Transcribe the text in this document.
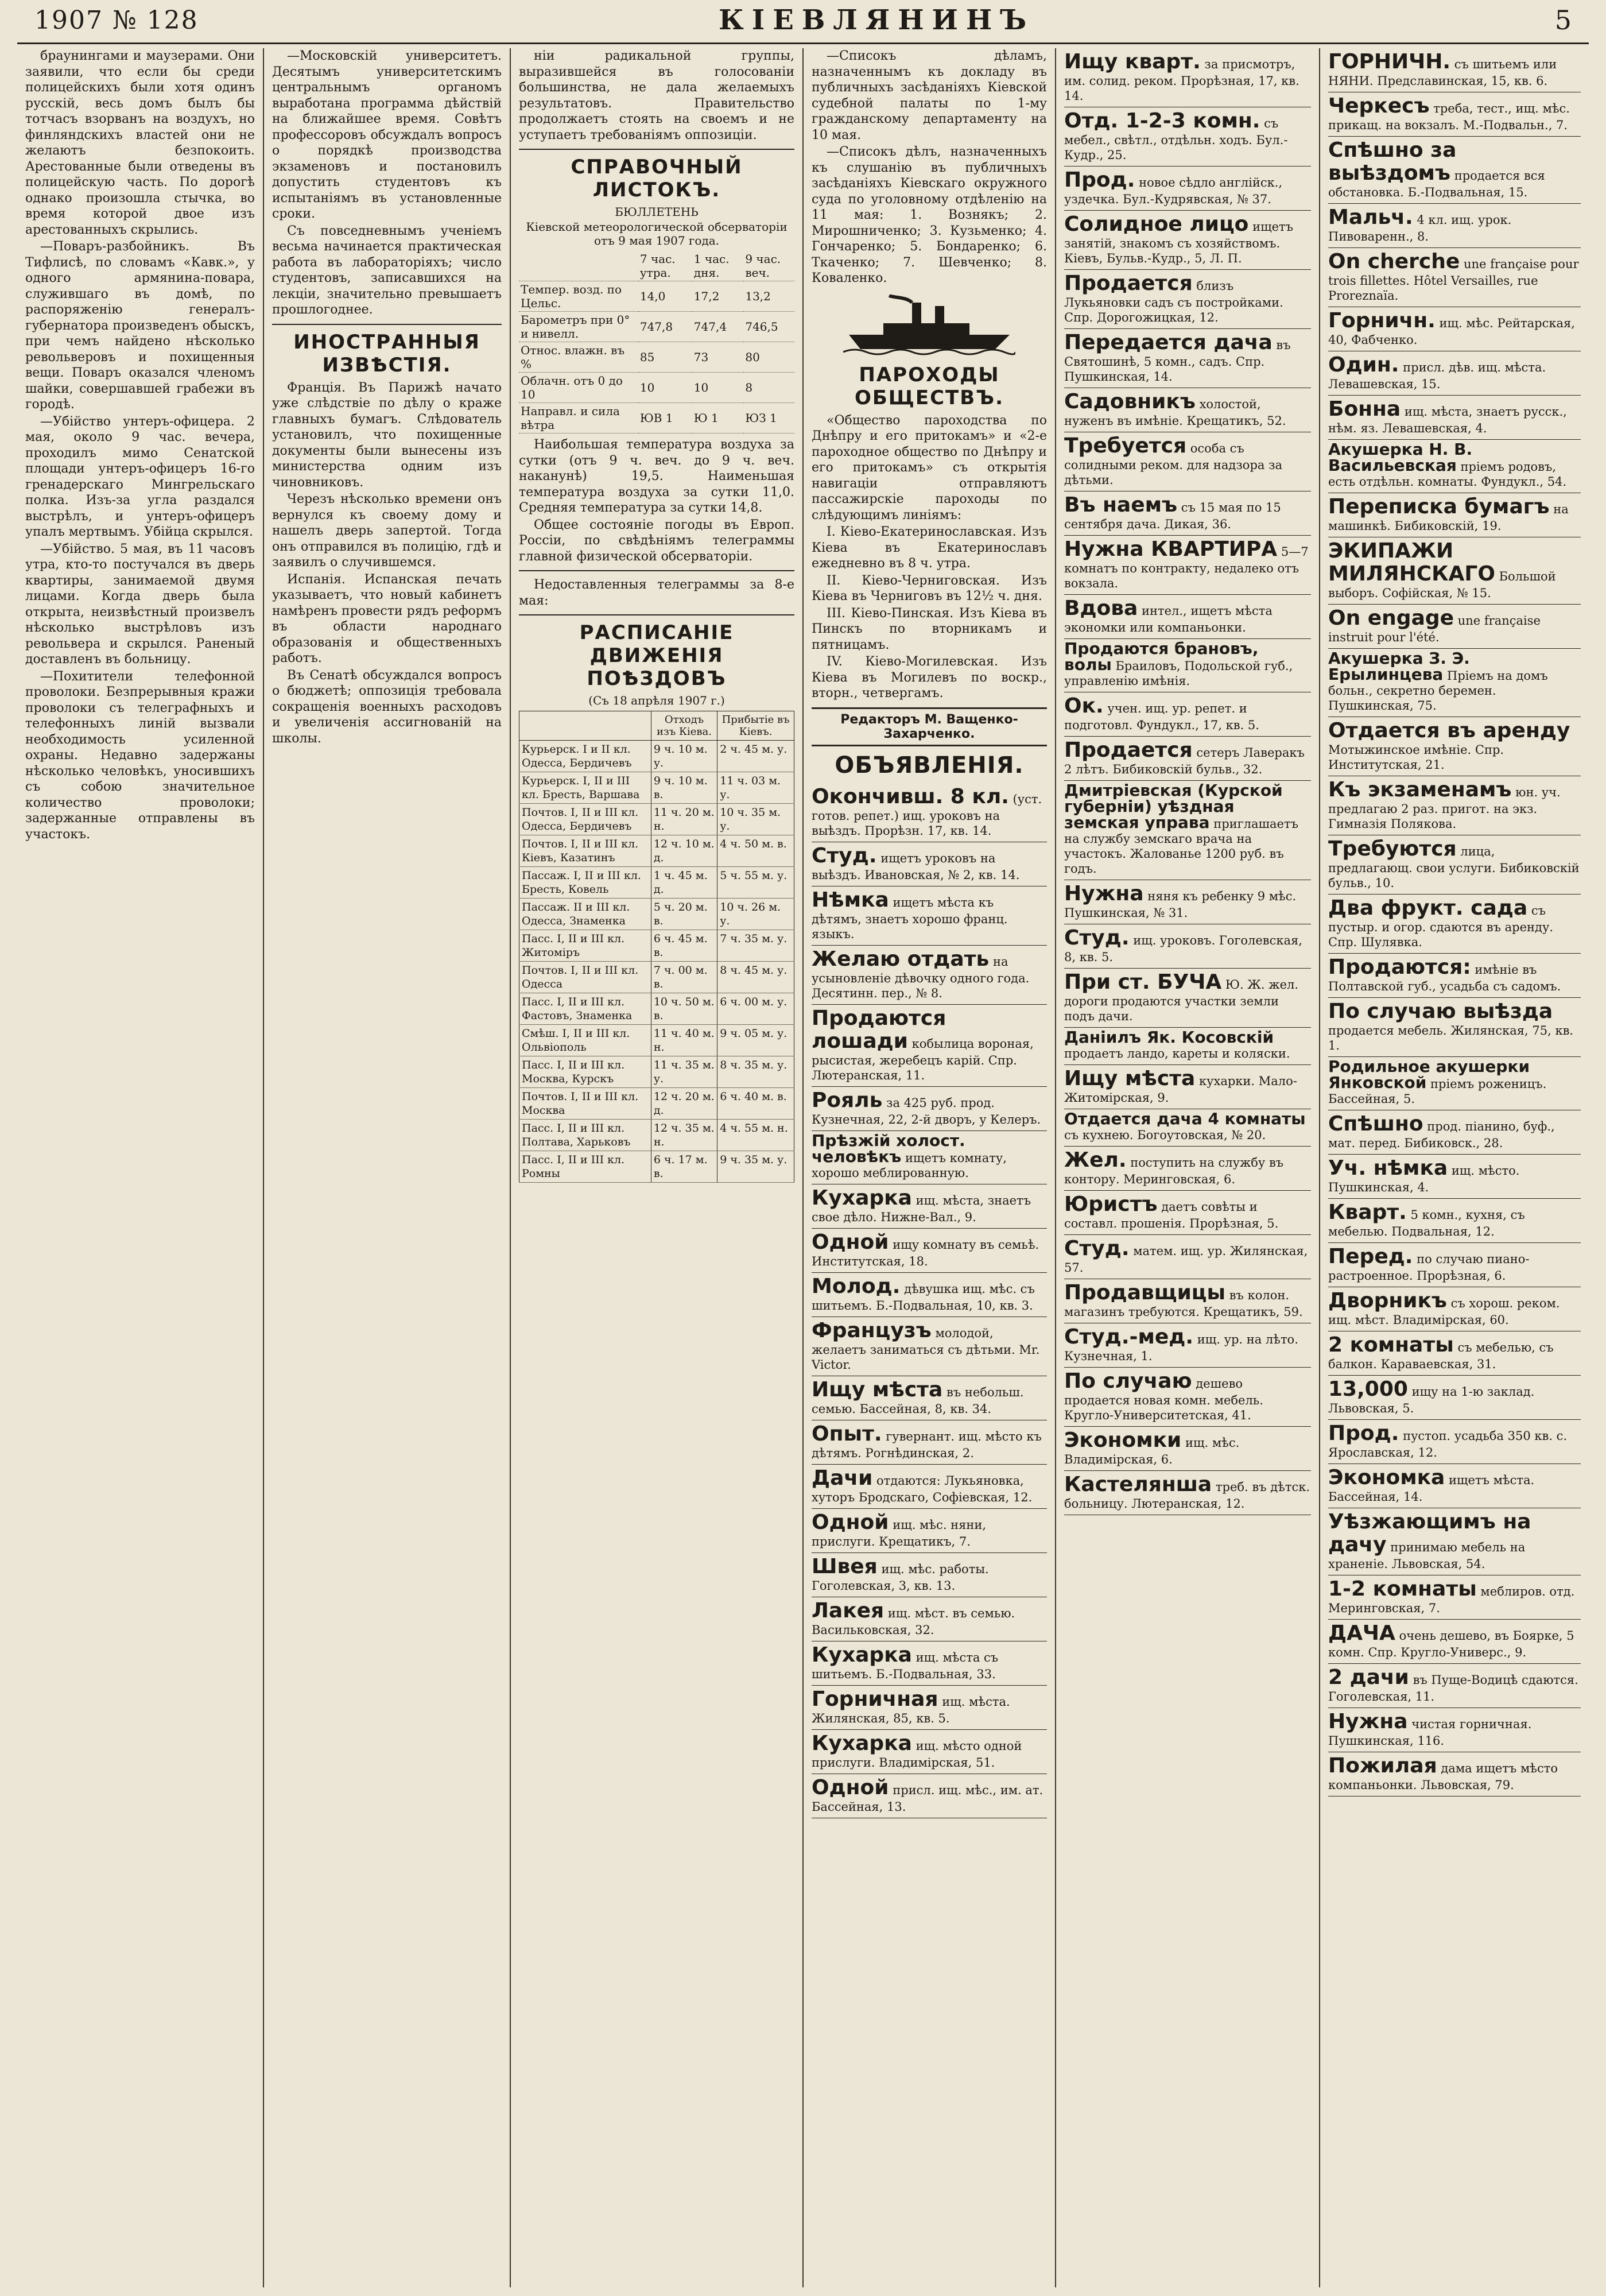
1907 № 128	КІЕВЛЯНИНЪ	5

браунингами и маузерами. Они заявили, что если бы среди полицейскихъ были хотя одинъ русскій, весь домъ былъ бы тотчасъ взорванъ на воздухъ, но финляндскихъ властей они не желаютъ безпокоить. Арестованные были отведены въ полицейскую часть. По дорогѣ однако произошла стычка, во время которой двое изъ арестованныхъ скрылись.

—Поваръ-разбойникъ. Въ Тифлисѣ, по словамъ «Кавк.», у одного армянина-повара, служившаго въ домѣ, по распоряженію генералъ-губернатора произведенъ обыскъ, при чемъ найдено нѣсколько револьверовъ и похищенныя вещи. Поваръ оказался членомъ шайки, совершавшей грабежи въ городѣ.

—Убійство унтеръ-офицера. 2 мая, около 9 час. вечера, проходилъ мимо Сенатской площади унтеръ-офицеръ 16-го гренадерскаго Мингрельскаго полка. Изъ-за угла раздался выстрѣлъ, и унтеръ-офицеръ упалъ мертвымъ. Убійца скрылся.

—Убійство. 5 мая, въ 11 часовъ утра, кто-то постучался въ дверь квартиры, занимаемой двумя лицами. Когда дверь была открыта, неизвѣстный произвелъ нѣсколько выстрѣловъ изъ револьвера и скрылся. Раненый доставленъ въ больницу.

—Похитители телефонной проволоки. Безпрерывныя кражи проволоки съ телеграфныхъ и телефонныхъ линій вызвали необходимость усиленной охраны. Недавно задержаны нѣсколько человѣкъ, уносившихъ съ собою значительное количество проволоки; задержанные отправлены въ участокъ.

—Московскій университетъ. Десятымъ университетскимъ центральнымъ органомъ выработана программа дѣйствій на ближайшее время. Совѣтъ профессоровъ обсуждалъ вопросъ о порядкѣ производства экзаменовъ и постановилъ допустить студентовъ къ испытаніямъ въ установленные сроки.

Съ повседневнымъ ученіемъ весьма начинается практическая работа въ лабораторіяхъ; число студентовъ, записавшихся на лекціи, значительно превышаетъ прошлогоднее.

ИНОСТРАННЫЯ ИЗВѢСТІЯ.

Франція. Въ Парижѣ начато уже слѣдствіе по дѣлу о краже главныхъ бумагъ. Слѣдователь установилъ, что похищенные документы были вынесены изъ министерства одним изъ чиновниковъ.

Черезъ нѣсколько времени онъ вернулся къ своему дому и нашелъ дверь запертой. Тогда онъ отправился въ полицію, гдѣ и заявилъ о случившемся.

Испанія. Испанская печать указываетъ, что новый кабинетъ намѣренъ провести рядъ реформъ въ области народнаго образованія и общественныхъ работъ.

Въ Сенатѣ обсуждался вопросъ о бюджетѣ; оппозиція требовала сокращенія военныхъ расходовъ и увеличенія ассигнованій на школы.

ніи радикальной группы, выразившейся въ голосованіи большинства, не дала желаемыхъ результатовъ. Правительство продолжаетъ стоять на своемъ и не уступаетъ требованіямъ оппозиціи.

СПРАВОЧНЫЙ ЛИСТОКЪ.
БЮЛЛЕТЕНЬ
Кіевской метеорологической обсерваторіи отъ 9 мая 1907 года.
	7 час. утра.	1 час. дня.	9 час. веч.
Темпер. возд. по Цельс.	14,0	17,2	13,2
Барометръ при 0° и нивелл.	747,8	747,4	746,5
Относ. влажн. въ %	85	73	80
Облачн. отъ 0 до 10	10	10	8
Направл. и сила вѣтра	ЮВ 1	Ю 1	ЮЗ 1

Наибольшая температура воздуха за сутки (отъ 9 ч. веч. до 9 ч. веч. наканунѣ) 19,5. Наименьшая температура воздуха за сутки 11,0. Средняя температура за сутки 14,8.

Общее состояніе погоды въ Европ. Россіи, по свѣдѣніямъ телеграммы главной физической обсерваторіи.

Недоставленныя телеграммы за 8-е мая:

РАСПИСАНІЕ ДВИЖЕНІЯ ПОѢЗДОВЪ
(Съ 18 апрѣля 1907 г.)
	Отходъ изъ Кіева.	Прибытіе въ Кіевъ.
Курьерск. I и II кл. Одесса, Бердичевъ	9 ч. 10 м. у.	2 ч. 45 м. у.
Курьерск. I, II и III кл. Бресть, Варшава	9 ч. 10 м. в.	11 ч. 03 м. у.
Почтов. I, II и III кл. Одесса, Бердичевъ	11 ч. 20 м. н.	10 ч. 35 м. у.
Почтов. I, II и III кл. Кіевъ, Казатинъ	12 ч. 10 м. д.	4 ч. 50 м. в.
Пассаж. I, II и III кл. Бресть, Ковель	1 ч. 45 м. д.	5 ч. 55 м. у.
Пассаж. II и III кл. Одесса, Знаменка	5 ч. 20 м. в.	10 ч. 26 м. у.
Пасс. I, II и III кл. Житоміръ	6 ч. 45 м. в.	7 ч. 35 м. у.
Почтов. I, II и III кл. Одесса	7 ч. 00 м. в.	8 ч. 45 м. у.
Пасс. I, II и III кл. Фастовъ, Знаменка	10 ч. 50 м. в.	6 ч. 00 м. у.
Смѣш. I, II и III кл. Ольвіополь	11 ч. 40 м. н.	9 ч. 05 м. у.
Пасс. I, II и III кл. Москва, Курскъ	11 ч. 35 м. у.	8 ч. 35 м. у.
Почтов. I, II и III кл. Москва	12 ч. 20 м. д.	6 ч. 40 м. в.
Пасс. I, II и III кл. Полтава, Харьковъ	12 ч. 35 м. н.	4 ч. 55 м. н.
Пасс. I, II и III кл. Ромны	6 ч. 17 м. в.	9 ч. 35 м. у.

—Списокъ дѣламъ, назначеннымъ къ докладу въ публичныхъ засѣданіяхъ Кіевской судебной палаты по 1-му гражданскому департаменту на 10 мая.

—Списокъ дѣлъ, назначенныхъ къ слушанію въ публичныхъ засѣданіяхъ Кіевскаго окружного суда по уголовному отдѣленію на 11 мая: 1. Вознякъ; 2. Мирошниченко; 3. Кузьменко; 4. Гончаренко; 5. Бондаренко; 6. Ткаченко; 7. Шевченко; 8. Коваленко.

ПАРОХОДЫ ОБЩЕСТВЪ.

«Общество пароходства по Днѣпру и его притокамъ» и «2-е пароходное общество по Днѣпру и его притокамъ» съ открытія навигаціи отправляютъ пассажирскіе пароходы по слѣдующимъ линіямъ:

I. Кіево-Екатеринославская. Изъ Кіева въ Екатеринославъ ежедневно въ 8 ч. утра.

II. Кіево-Черниговская. Изъ Кіева въ Черниговъ въ 12½ ч. дня.

III. Кіево-Пинская. Изъ Кіева въ Пинскъ по вторникамъ и пятницамъ.

IV. Кіево-Могилевская. Изъ Кіева въ Могилевъ по воскр., вторн., четвергамъ.

Редакторъ М. Ващенко-Захарченко.
ОБЪЯВЛЕНІЯ.
Окончивш. 8 кл. (уст. готов. репет.) ищ. уроковъ на выѣздъ. Прорѣзн. 17, кв. 14.
Студ. ищетъ уроковъ на выѣздъ. Ивановская, № 2, кв. 14.
Нѣмка ищетъ мѣста къ дѣтямъ, знаетъ хорошо франц. языкъ.
Желаю отдать на усыновленіе дѣвочку одного года. Десятинн. пер., № 8.
Продаются лошади кобылица вороная, рысистая, жеребецъ карій. Спр. Лютеранская, 11.
Рояль за 425 руб. прод. Кузнечная, 22, 2-й дворъ, у Келеръ.
Прѣзжій холост. человѣкъ ищетъ комнату, хорошо меблированную.
Кухарка ищ. мѣста, знаетъ свое дѣло. Нижне-Вал., 9.
Одной ищу комнату въ семьѣ. Институтская, 18.
Молод. дѣвушка ищ. мѣс. съ шитьемъ. Б.-Подвальная, 10, кв. 3.
Французъ молодой, желаетъ заниматься съ дѣтьми. Mr. Victor.
Ищу мѣста въ небольш. семью. Бассейная, 8, кв. 34.
Опыт. гувернант. ищ. мѣсто къ дѣтямъ. Рогнѣдинская, 2.
Дачи отдаются: Лукьяновка, хуторъ Бродскаго, Софіевская, 12.
Одной ищ. мѣс. няни, прислуги. Крещатикъ, 7.
Швея ищ. мѣс. работы. Гоголевская, 3, кв. 13.
Лакея ищ. мѣст. въ семью. Васильковская, 32.
Кухарка ищ. мѣста съ шитьемъ. Б.-Подвальная, 33.
Горничная ищ. мѣста. Жилянская, 85, кв. 5.
Кухарка ищ. мѣсто одной прислуги. Владимірская, 51.
Одной присл. ищ. мѣс., им. ат. Бассейная, 13.
Ищу кварт. за присмотръ, им. солид. реком. Прорѣзная, 17, кв. 14.
Отд. 1-2-3 комн. съ мебел., свѣтл., отдѣльн. ходъ. Бул.-Кудр., 25.
Прод. новое сѣдло англійск., уздечка. Бул.-Кудрявская, № 37.
Солидное лицо ищетъ занятій, знакомъ съ хозяйствомъ. Кіевъ, Бульв.-Кудр., 5, Л. П.
Продается близъ Лукьяновки садъ съ постройками. Спр. Дорогожицкая, 12.
Передается дача въ Святошинѣ, 5 комн., садъ. Спр. Пушкинская, 14.
Садовникъ холостой, нуженъ въ имѣніе. Крещатикъ, 52.
Требуется особа съ солидными реком. для надзора за дѣтьми.
Въ наемъ съ 15 мая по 15 сентября дача. Дикая, 36.
Нужна КВАРТИРА 5—7 комнатъ по контракту, недалеко отъ вокзала.
Вдова интел., ищетъ мѣста экономки или компаньонки.
Продаются брановъ, волы Браиловъ, Подольской губ., управленію имѣнія.
Ок. учен. ищ. ур. репет. и подготовл. Фундукл., 17, кв. 5.
Продается сетеръ Лаверакъ 2 лѣтъ. Бибиковскій бульв., 32.
Дмитріевская (Курской губерніи) уѣздная земская управа приглашаетъ на службу земскаго врача на участокъ. Жалованье 1200 руб. въ годъ.
Нужна няня къ ребенку 9 мѣс. Пушкинская, № 31.
Студ. ищ. уроковъ. Гоголевская, 8, кв. 5.
При ст. БУЧА Ю. Ж. жел. дороги продаются участки земли подъ дачи.
Даніилъ Як. Косовскій продаетъ ландо, кареты и коляски.
Ищу мѣста кухарки. Мало-Житомірская, 9.
Отдается дача 4 комнаты съ кухнею. Богоутовская, № 20.
Жел. поступить на службу въ контору. Меринговская, 6.
Юристъ даетъ совѣты и составл. прошенія. Прорѣзная, 5.
Студ. матем. ищ. ур. Жилянская, 57.
Продавщицы въ колон. магазинъ требуются. Крещатикъ, 59.
Студ.-мед. ищ. ур. на лѣто. Кузнечная, 1.
По случаю дешево продается новая комн. мебель. Кругло-Университетская, 41.
Экономки ищ. мѣс. Владимірская, 6.
Кастелянша треб. въ дѣтск. больницу. Лютеранская, 12.
ГОРНИЧН. съ шитьемъ или НЯНИ. Предславинская, 15, кв. 6.
Черкесъ треба, тест., ищ. мѣс. прикащ. на вокзалъ. М.-Подвальн., 7.
Спѣшно за выѣздомъ продается вся обстановка. Б.-Подвальная, 15.
Мальч. 4 кл. ищ. урок. Пивоваренн., 8.
On cherche une française pour trois fillettes. Hôtel Versailles, rue Proreznaïa.
Горничн. ищ. мѣс. Рейтарская, 40, Фабченко.
Один. присл. дѣв. ищ. мѣста. Левашевская, 15.
Бонна ищ. мѣста, знаетъ русск., нѣм. яз. Левашевская, 4.
Акушерка Н. В. Васильевская пріемъ родовъ, есть отдѣльн. комнаты. Фундукл., 54.
Переписка бумагъ на машинкѣ. Бибиковскій, 19.
ЭКИПАЖИ МИЛЯНСКАГО Большой выборъ. Софійская, № 15.
On engage une française instruit pour l'été.
Акушерка З. Э. Ерылинцева Пріемъ на домъ больн., секретно беремен. Пушкинская, 75.
Отдается въ аренду Мотыжинское имѣніе. Спр. Институтская, 21.
Къ экзаменамъ юн. уч. предлагаю 2 раз. пригот. на экз. Гимназія Полякова.
Требуются лица, предлагающ. свои услуги. Бибиковскій бульв., 10.
Два фрукт. сада съ пустыр. и огор. сдаются въ аренду. Спр. Шулявка.
Продаются: имѣніе въ Полтавской губ., усадьба съ садомъ.
По случаю выѣзда продается мебель. Жилянская, 75, кв. 1.
Родильное акушерки Янковской пріемъ роженицъ. Бассейная, 5.
Спѣшно прод. піанино, буф., мат. перед. Бибиковск., 28.
Уч. нѣмка ищ. мѣсто. Пушкинская, 4.
Кварт. 5 комн., кухня, съ мебелью. Подвальная, 12.
Перед. по случаю пиано-растроенное. Прорѣзная, 6.
Дворникъ съ хорош. реком. ищ. мѣст. Владимірская, 60.
2 комнаты съ мебелью, съ балкон. Караваевская, 31.
13,000 ищу на 1-ю заклад. Львовская, 5.
Прод. пустоп. усадьба 350 кв. с. Ярославская, 12.
Экономка ищетъ мѣста. Бассейная, 14.
Уѣзжающимъ на дачу принимаю мебель на храненіе. Львовская, 54.
1-2 комнаты меблиров. отд. Меринговская, 7.
ДАЧА очень дешево, въ Боярке, 5 комн. Спр. Кругло-Универс., 9.
2 дачи въ Пуще-Водицѣ сдаются. Гоголевская, 11.
Нужна чистая горничная. Пушкинская, 116.
Пожилая дама ищетъ мѣсто компаньонки. Львовская, 79.
